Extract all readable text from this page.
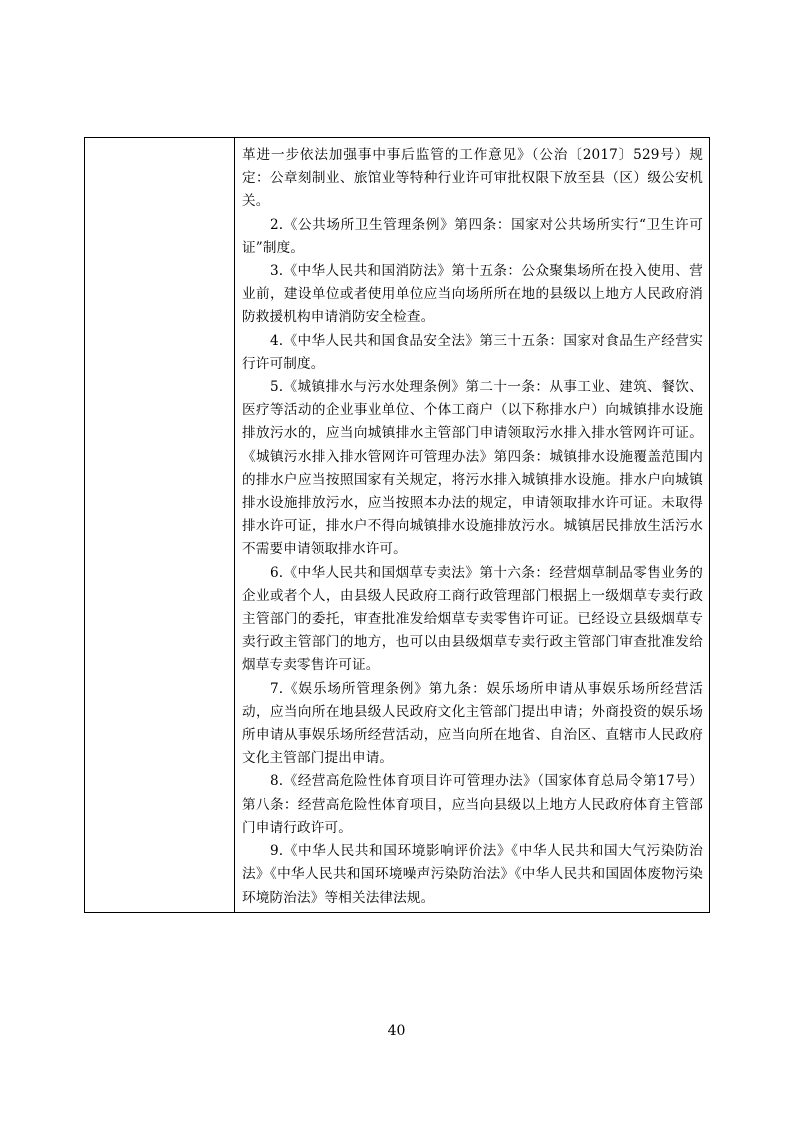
革进一步依法加强事中事后监管的工作意见》（公治〔2017〕529号）规定：公章刻制业、旅馆业等特种行业许可审批权限下放至县（区）级公安机关。

2.《公共场所卫生管理条例》第四条：国家对公共场所实行“卫生许可证”制度。

3.《中华人民共和国消防法》第十五条：公众聚集场所在投入使用、营业前，建设单位或者使用单位应当向场所所在地的县级以上地方人民政府消防救援机构申请消防安全检查。

4.《中华人民共和国食品安全法》第三十五条：国家对食品生产经营实行许可制度。

5.《城镇排水与污水处理条例》第二十一条：从事工业、建筑、餐饮、医疗等活动的企业事业单位、个体工商户（以下称排水户）向城镇排水设施排放污水的，应当向城镇排水主管部门申请领取污水排入排水管网许可证。《城镇污水排入排水管网许可管理办法》第四条：城镇排水设施覆盖范围内的排水户应当按照国家有关规定，将污水排入城镇排水设施。排水户向城镇排水设施排放污水，应当按照本办法的规定，申请领取排水许可证。未取得排水许可证，排水户不得向城镇排水设施排放污水。城镇居民排放生活污水不需要申请领取排水许可。

6.《中华人民共和国烟草专卖法》第十六条：经营烟草制品零售业务的企业或者个人，由县级人民政府工商行政管理部门根据上一级烟草专卖行政主管部门的委托，审查批准发给烟草专卖零售许可证。已经设立县级烟草专卖行政主管部门的地方，也可以由县级烟草专卖行政主管部门审查批准发给烟草专卖零售许可证。

7.《娱乐场所管理条例》第九条：娱乐场所申请从事娱乐场所经营活动，应当向所在地县级人民政府文化主管部门提出申请；外商投资的娱乐场所申请从事娱乐场所经营活动，应当向所在地省、自治区、直辖市人民政府文化主管部门提出申请。

8.《经营高危险性体育项目许可管理办法》（国家体育总局令第17号）第八条：经营高危险性体育项目，应当向县级以上地方人民政府体育主管部门申请行政许可。

9.《中华人民共和国环境影响评价法》《中华人民共和国大气污染防治法》《中华人民共和国环境噪声污染防治法》《中华人民共和国固体废物污染环境防治法》等相关法律法规。

40
